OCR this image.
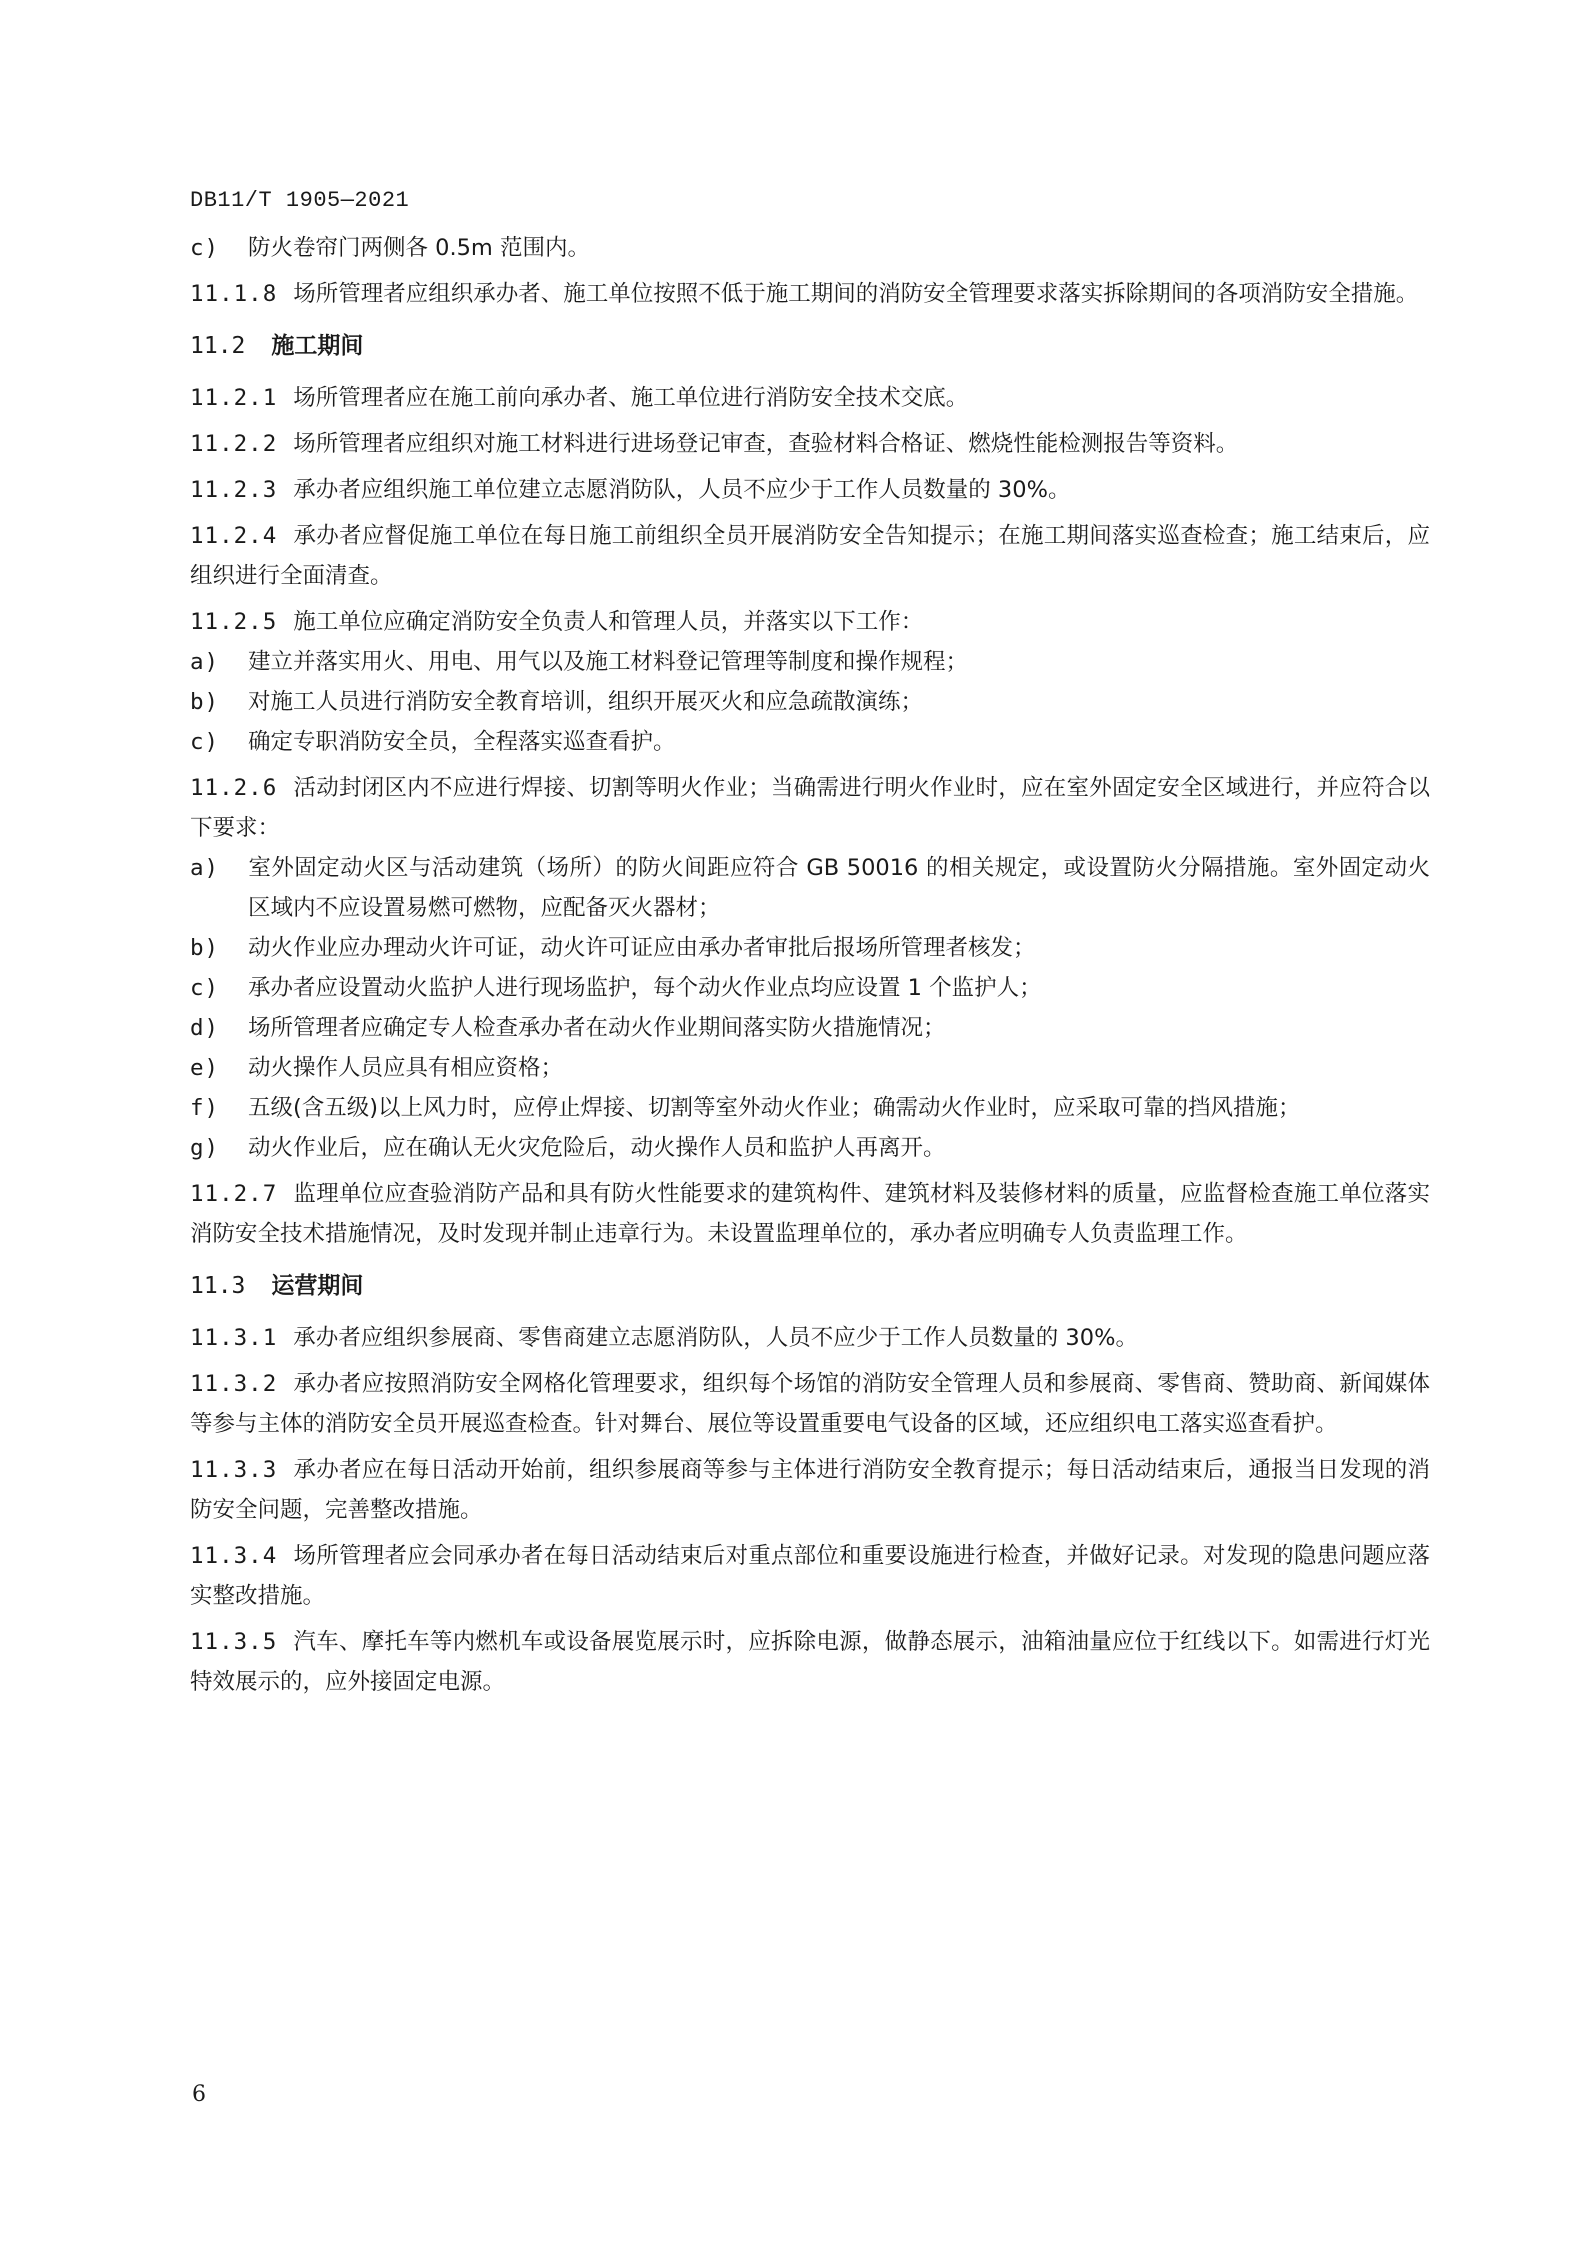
DB11/T 1905—2021
c) 防火卷帘门两侧各 0.5m 范围内。
11.1.8 场所管理者应组织承办者、施工单位按照不低于施工期间的消防安全管理要求落实拆除期间的各项消防安全措施。
11.2 施工期间
11.2.1 场所管理者应在施工前向承办者、施工单位进行消防安全技术交底。
11.2.2 场所管理者应组织对施工材料进行进场登记审查，查验材料合格证、燃烧性能检测报告等资料。
11.2.3 承办者应组织施工单位建立志愿消防队，人员不应少于工作人员数量的 30%。
11.2.4 承办者应督促施工单位在每日施工前组织全员开展消防安全告知提示；在施工期间落实巡查检查；施工结束后，应组织进行全面清查。
11.2.5 施工单位应确定消防安全负责人和管理人员，并落实以下工作：
a) 建立并落实用火、用电、用气以及施工材料登记管理等制度和操作规程；
b) 对施工人员进行消防安全教育培训，组织开展灭火和应急疏散演练；
c) 确定专职消防安全员，全程落实巡查看护。
11.2.6 活动封闭区内不应进行焊接、切割等明火作业；当确需进行明火作业时，应在室外固定安全区域进行，并应符合以下要求：
a) 室外固定动火区与活动建筑（场所）的防火间距应符合 GB 50016 的相关规定，或设置防火分隔措施。室外固定动火区域内不应设置易燃可燃物，应配备灭火器材；
b) 动火作业应办理动火许可证，动火许可证应由承办者审批后报场所管理者核发；
c) 承办者应设置动火监护人进行现场监护，每个动火作业点均应设置 1 个监护人；
d) 场所管理者应确定专人检查承办者在动火作业期间落实防火措施情况；
e) 动火操作人员应具有相应资格；
f) 五级(含五级)以上风力时，应停止焊接、切割等室外动火作业；确需动火作业时，应采取可靠的挡风措施；
g) 动火作业后，应在确认无火灾危险后，动火操作人员和监护人再离开。
11.2.7 监理单位应查验消防产品和具有防火性能要求的建筑构件、建筑材料及装修材料的质量，应监督检查施工单位落实消防安全技术措施情况，及时发现并制止违章行为。未设置监理单位的，承办者应明确专人负责监理工作。
11.3 运营期间
11.3.1 承办者应组织参展商、零售商建立志愿消防队，人员不应少于工作人员数量的 30%。
11.3.2 承办者应按照消防安全网格化管理要求，组织每个场馆的消防安全管理人员和参展商、零售商、赞助商、新闻媒体等参与主体的消防安全员开展巡查检查。针对舞台、展位等设置重要电气设备的区域，还应组织电工落实巡查看护。
11.3.3 承办者应在每日活动开始前，组织参展商等参与主体进行消防安全教育提示；每日活动结束后，通报当日发现的消防安全问题，完善整改措施。
11.3.4 场所管理者应会同承办者在每日活动结束后对重点部位和重要设施进行检查，并做好记录。对发现的隐患问题应落实整改措施。
11.3.5 汽车、摩托车等内燃机车或设备展览展示时，应拆除电源，做静态展示，油箱油量应位于红线以下。如需进行灯光特效展示的，应外接固定电源。
6
